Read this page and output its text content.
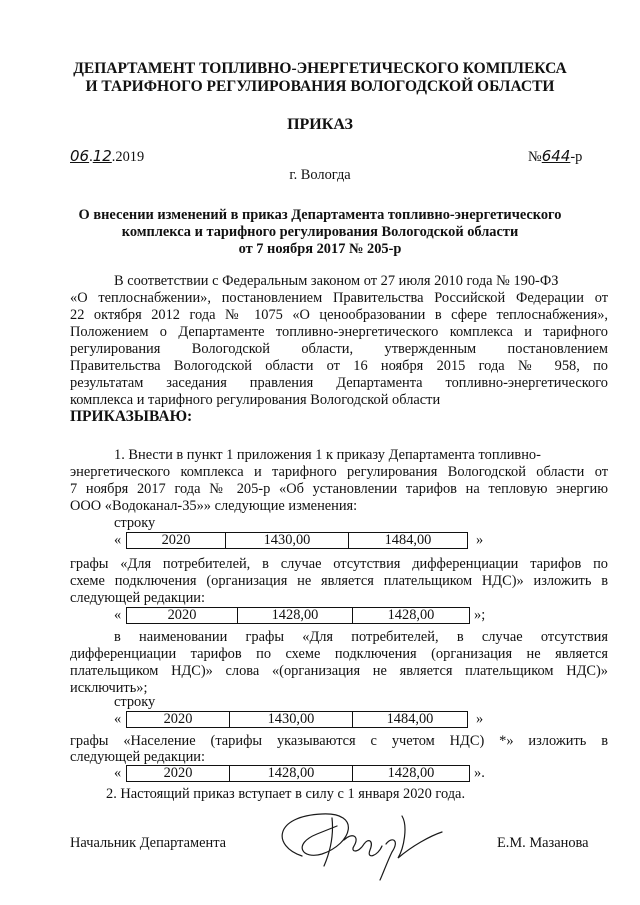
ДЕПАРТАМЕНТ ТОПЛИВНО-ЭНЕРГЕТИЧЕСКОГО КОМПЛЕКСА
И ТАРИФНОГО РЕГУЛИРОВАНИЯ ВОЛОГОДСКОЙ ОБЛАСТИ
ПРИКАЗ
06.12.2019	№644-р
г. Вологда
О внесении изменений в приказ Департамента топливно-энергетического
комплекса и тарифного регулирования Вологодской области
от 7 ноября 2017 № 205-р
В соответствии с Федеральным законом от 27 июля 2010 года № 190-ФЗ
«О теплоснабжении», постановлением Правительства Российской Федерации от
22 октября 2012 года № 1075 «О ценообразовании в сфере теплоснабжения»,
Положением о Департаменте топливно-энергетического комплекса и тарифного
регулирования Вологодской области, утвержденным постановлением
Правительства Вологодской области от 16 ноября 2015 года № 958, по
результатам заседания правления Департамента топливно-энергетического
комплекса и тарифного регулирования Вологодской области
ПРИКАЗЫВАЮ:
1. Внести в пункт 1 приложения 1 к приказу Департамента топливно-
энергетического комплекса и тарифного регулирования Вологодской области от
7 ноября 2017 года № 205-р «Об установлении тарифов на тепловую энергию
ООО «Водоканал-35»» следующие изменения:
строку
«	2020	1430,00	1484,00	»
графы «Для потребителей, в случае отсутствия дифференциации тарифов по
схеме подключения (организация не является плательщиком НДС)» изложить в
следующей редакции:
«	2020	1428,00	1428,00	»;
в наименовании графы «Для потребителей, в случае отсутствия
дифференциации тарифов по схеме подключения (организация не является
плательщиком НДС)» слова «(организация не является плательщиком НДС)»
исключить»;
строку
«	2020	1430,00	1484,00	»
графы «Население (тарифы указываются с учетом НДС) *» изложить в
следующей редакции:
«	2020	1428,00	1428,00	».
2. Настоящий приказ вступает в силу с 1 января 2020 года.
Начальник Департамента	Е.М. Мазанова
